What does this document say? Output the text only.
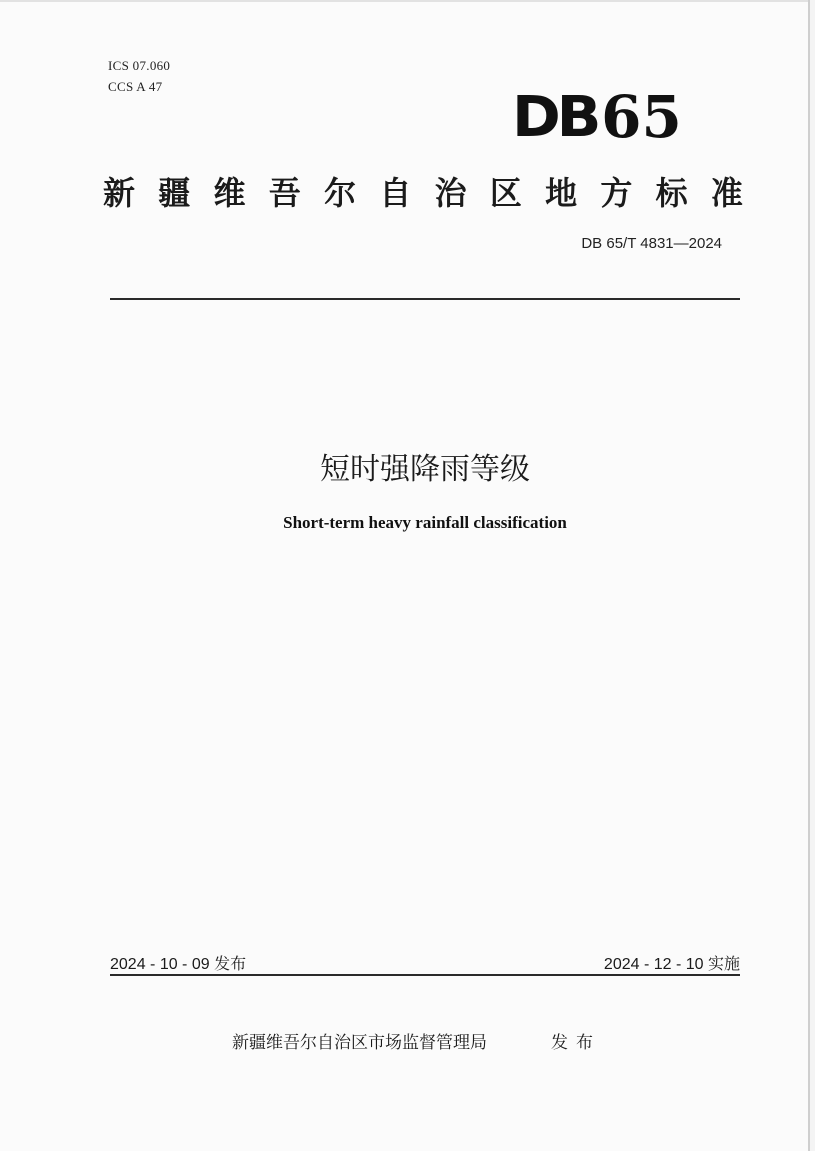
ICS 07.060
CCS A 47	DB 65
新 疆 维 吾 尔 自 治 区 地 方 标 准
DB 65/T 4831—2024
短时强降雨等级
Short-term heavy rainfall classification
2024 - 10 - 09 发布	2024 - 12 - 10 实施
新疆维吾尔自治区市场监督管理局	发布
